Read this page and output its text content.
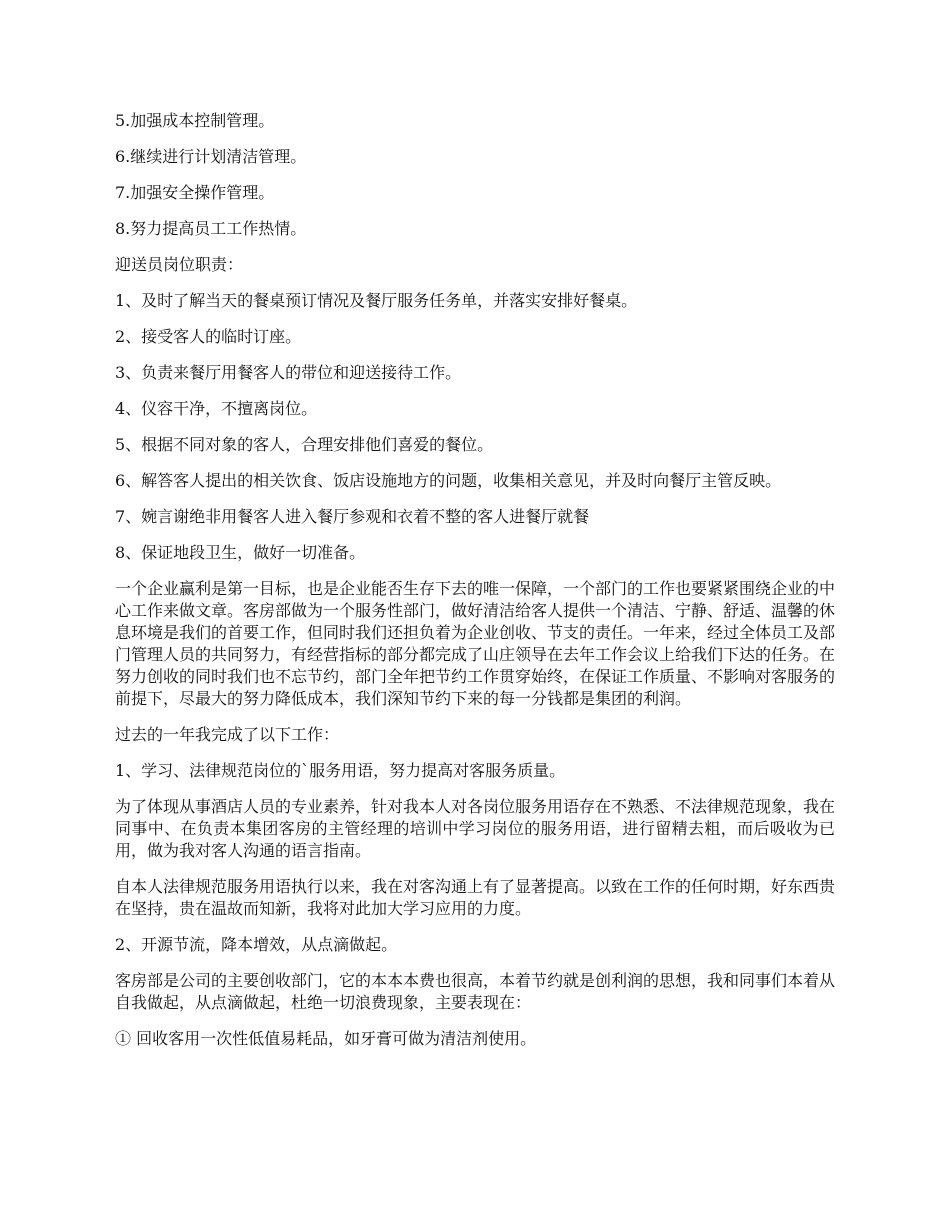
5.加强成本控制管理。

6.继续进行计划清洁管理。

7.加强安全操作管理。

8.努力提高员工工作热情。

迎送员岗位职责：

1、及时了解当天的餐桌预订情况及餐厅服务任务单，并落实安排好餐桌。

2、接受客人的临时订座。

3、负责来餐厅用餐客人的带位和迎送接待工作。

4、仪容干净，不擅离岗位。

5、根据不同对象的客人，合理安排他们喜爱的餐位。

6、解答客人提出的相关饮食、饭店设施地方的问题，收集相关意见，并及时向餐厅主管反映。

7、婉言谢绝非用餐客人进入餐厅参观和衣着不整的客人进餐厅就餐

8、保证地段卫生，做好一切准备。

一个企业赢利是第一目标，也是企业能否生存下去的唯一保障，一个部门的工作也要紧紧围绕企业的中心工作来做文章。客房部做为一个服务性部门，做好清洁给客人提供一个清洁、宁静、舒适、温馨的休息环境是我们的首要工作，但同时我们还担负着为企业创收、节支的责任。一年来，经过全体员工及部门管理人员的共同努力，有经营指标的部分都完成了山庄领导在去年工作会议上给我们下达的任务。在努力创收的同时我们也不忘节约，部门全年把节约工作贯穿始终，在保证工作质量、不影响对客服务的前提下，尽最大的努力降低成本，我们深知节约下来的每一分钱都是集团的利润。

过去的一年我完成了以下工作：

1、学习、法律规范岗位的`服务用语，努力提高对客服务质量。

为了体现从事酒店人员的专业素养，针对我本人对各岗位服务用语存在不熟悉、不法律规范现象，我在同事中、在负责本集团客房的主管经理的培训中学习岗位的服务用语，进行留精去粗，而后吸收为已用，做为我对客人沟通的语言指南。

自本人法律规范服务用语执行以来，我在对客沟通上有了显著提高。以致在工作的任何时期，好东西贵在坚持，贵在温故而知新，我将对此加大学习应用的力度。

2、开源节流，降本增效，从点滴做起。

客房部是公司的主要创收部门，它的本本本费也很高，本着节约就是创利润的思想，我和同事们本着从自我做起，从点滴做起，杜绝一切浪费现象，主要表现在：

① 回收客用一次性低值易耗品，如牙膏可做为清洁剂使用。
